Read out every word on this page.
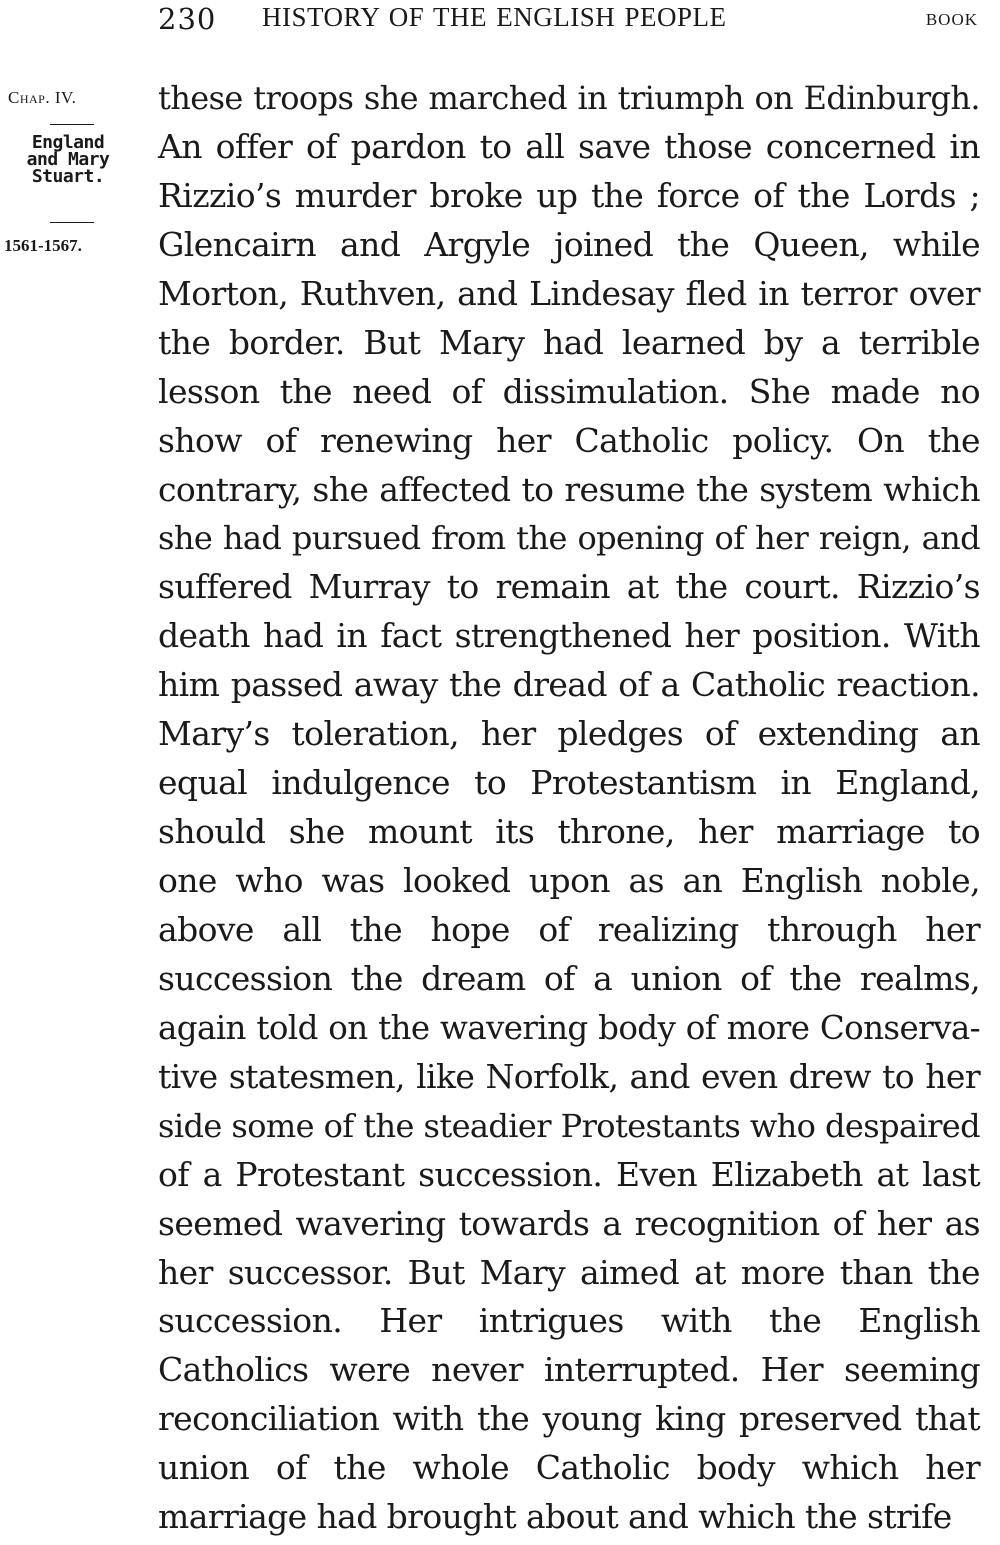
230 HISTORY OF THE ENGLISH PEOPLE	BOOK
Chap. IV.
England
and Mary
Stuart.
1561-1567.
these troops she marched in triumph on Edinburgh.
An offer of pardon to all save those concerned in
Rizzio’s murder broke up the force of the Lords ;
Glencairn and Argyle joined the Queen, while
Morton, Ruthven, and Lindesay fled in terror over
the border. But Mary had learned by a terrible
lesson the need of dissimulation. She made no
show of renewing her Catholic policy. On the
contrary, she affected to resume the system which
she had pursued from the opening of her reign, and
suffered Murray to remain at the court. Rizzio’s
death had in fact strengthened her position. With
him passed away the dread of a Catholic reaction.
Mary’s toleration, her pledges of extending an
equal indulgence to Protestantism in England,
should she mount its throne, her marriage to
one who was looked upon as an English noble,
above all the hope of realizing through her
succession the dream of a union of the realms,
again told on the wavering body of more Conserva-
tive statesmen, like Norfolk, and even drew to her
side some of the steadier Protestants who despaired
of a Protestant succession. Even Elizabeth at last
seemed wavering towards a recognition of her as
her successor. But Mary aimed at more than the
succession. Her intrigues with the English
Catholics were never interrupted. Her seeming
reconciliation with the young king preserved that
union of the whole Catholic body which her
marriage had brought about and which the strife
